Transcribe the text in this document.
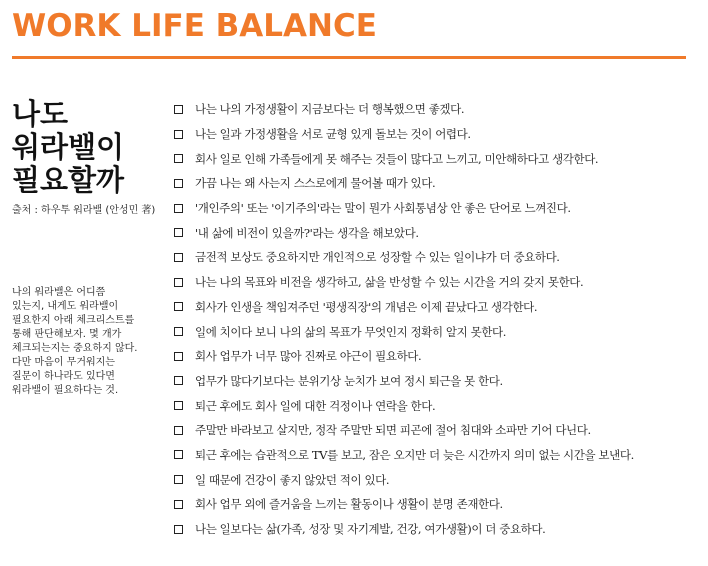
WORK LIFE BALANCE
나도
워라밸이
필요할까
출처 : 하우투 워라밸 (안성민 著)
나의 워라밸은 어디쯤
있는지, 내게도 워라밸이
필요한지 아래 체크리스트를
통해 판단해보자. 몇 개가
체크되는지는 중요하지 않다.
다만 마음이 무거워지는
질문이 하나라도 있다면
워라밸이 필요하다는 것.
나는 나의 가정생활이 지금보다는 더 행복했으면 좋겠다.
나는 일과 가정생활을 서로 균형 있게 돌보는 것이 어렵다.
회사 일로 인해 가족들에게 못 해주는 것들이 많다고 느끼고, 미안해하다고 생각한다.
가끔 나는 왜 사는지 스스로에게 물어볼 때가 있다.
'개인주의' 또는 '이기주의'라는 말이 뭔가 사회통념상 안 좋은 단어로 느껴진다.
'내 삶에 비전이 있을까?'라는 생각을 해보았다.
금전적 보상도 중요하지만 개인적으로 성장할 수 있는 일이냐가 더 중요하다.
나는 나의 목표와 비전을 생각하고, 삶을 반성할 수 있는 시간을 거의 갖지 못한다.
회사가 인생을 책임져주던 '평생직장'의 개념은 이제 끝났다고 생각한다.
일에 치이다 보니 나의 삶의 목표가 무엇인지 정확히 알지 못한다.
회사 업무가 너무 많아 진짜로 야근이 필요하다.
업무가 많다기보다는 분위기상 눈치가 보여 정시 퇴근을 못 한다.
퇴근 후에도 회사 일에 대한 걱정이나 연락을 한다.
주말만 바라보고 살지만, 정작 주말만 되면 피곤에 절어 침대와 소파만 기어 다닌다.
퇴근 후에는 습관적으로 TV를 보고, 잠은 오지만 더 늦은 시간까지 의미 없는 시간을 보낸다.
일 때문에 건강이 좋지 않았던 적이 있다.
회사 업무 외에 즐거움을 느끼는 활동이나 생활이 분명 존재한다.
나는 일보다는 삶(가족, 성장 및 자기계발, 건강, 여가생활)이 더 중요하다.
